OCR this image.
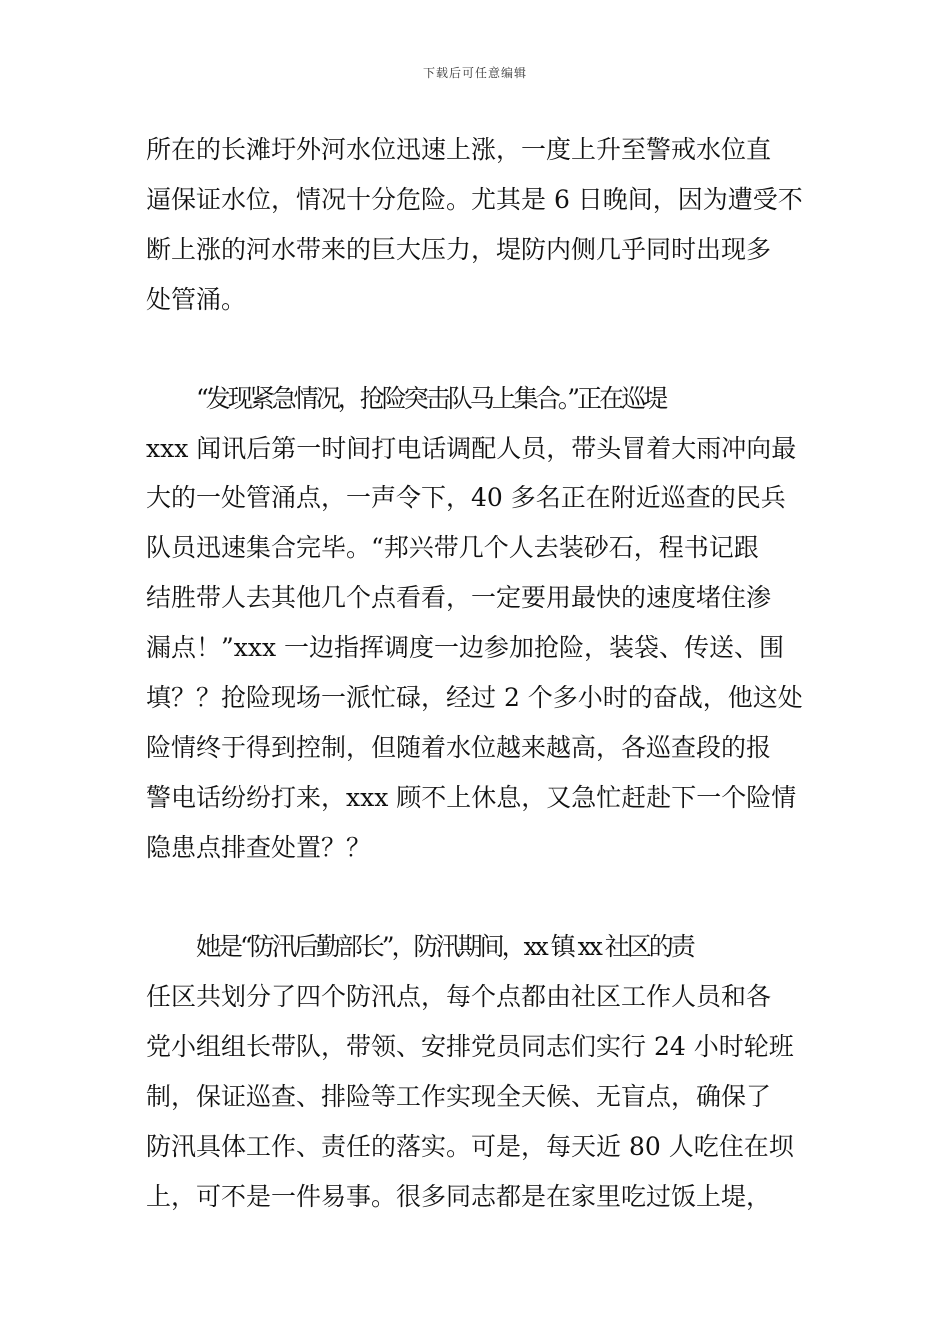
下载后可任意编辑
所在的长滩圩外河水位迅速上涨，一度上升至警戒水位直
逼保证水位，情况十分危险。尤其是 6 日晚间，因为遭受不
断上涨的河水带来的巨大压力，堤防内侧几乎同时出现多
处管涌。
“发现紧急情况，抢险突击队马上集合。”正在巡堤
xxx 闻讯后第一时间打电话调配人员，带头冒着大雨冲向最
大的一处管涌点，一声令下，40 多名正在附近巡查的民兵
队员迅速集合完毕。“邦兴带几个人去装砂石，程书记跟
结胜带人去其他几个点看看，一定要用最快的速度堵住渗
漏点！”xxx 一边指挥调度一边参加抢险，装袋、传送、围
填？？抢险现场一派忙碌，经过 2 个多小时的奋战，他这处
险情终于得到控制，但随着水位越来越高，各巡查段的报
警电话纷纷打来，xxx 顾不上休息，又急忙赶赴下一个险情
隐患点排查处置？？
她是“防汛后勤部长”，防汛期间，xx 镇 xx 社区的责
任区共划分了四个防汛点，每个点都由社区工作人员和各
党小组组长带队，带领、安排党员同志们实行 24 小时轮班
制，保证巡查、排险等工作实现全天候、无盲点，确保了
防汛具体工作、责任的落实。可是，每天近 80 人吃住在坝
上，可不是一件易事。很多同志都是在家里吃过饭上堤，
